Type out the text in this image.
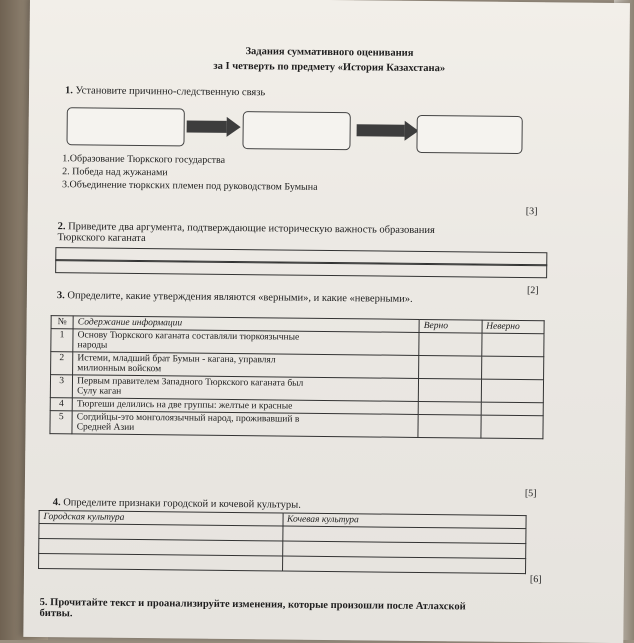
Задания суммативного оценивания
за I четверть по предмету «История Казахстана»
1. Установите причинно-следственную связь
1.Образование Тюркского государства
2. Победа над жужанами
3.Объединение тюркских племен под руководством Бумына
[3]
2. Приведите два аргумента, подтверждающие историческую важность образования
Тюркского каганата
[2]
3. Определите, какие утверждения являются «верными», и какие «неверными».
№	Содержание информации	Верно	Неверно
1	Основу Тюркского каганата составляли тюркоязычные
народы		
2	Истеми, младший брат Бумын - кагана, управлял
милионным войском		
3	Первым правителем Западного Тюркского каганата был
Сулу каган		
4	Тюргеши делились на две группы: желтые и красные		
5	Согдийцы-это монголоязычный народ, проживавший в
Средней Азии		
[5]
4. Определите признаки городской и кочевой культуры.
Городская культура	Кочевая культура

[6]
5. Прочитайте текст и проанализируйте изменения, которые произошли после Атлахской
битвы.
